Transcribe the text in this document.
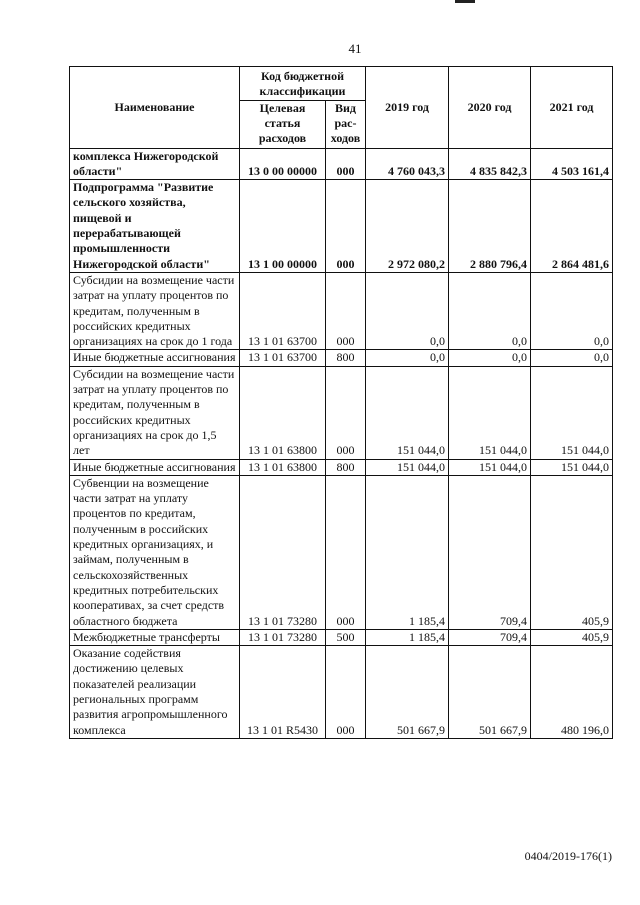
41
Наименование	Код бюджетной классификации		2019 год	2020 год	2021 год
	Целевая статья расходов	Вид рас-ходов			
комплекса Нижегородской области"	13 0 00 00000	000	4 760 043,3	4 835 842,3	4 503 161,4
Подпрограмма "Развитие сельского хозяйства, пищевой и перерабатывающей промышленности Нижегородской области"	13 1 00 00000	000	2 972 080,2	2 880 796,4	2 864 481,6
Субсидии на возмещение части затрат на уплату процентов по кредитам, полученным в российских кредитных организациях на срок до 1 года	13 1 01 63700	000	0,0	0,0	0,0
Иные бюджетные ассигнования	13 1 01 63700	800	0,0	0,0	0,0
Субсидии на возмещение части затрат на уплату процентов по кредитам, полученным в российских кредитных организациях на срок до 1,5 лет	13 1 01 63800	000	151 044,0	151 044,0	151 044,0
Иные бюджетные ассигнования	13 1 01 63800	800	151 044,0	151 044,0	151 044,0
Субвенции на возмещение части затрат на уплату процентов по кредитам, полученным в российских кредитных организациях, и займам, полученным в сельскохозяйственных кредитных потребительских кооперативах, за счет средств областного бюджета	13 1 01 73280	000	1 185,4	709,4	405,9
Межбюджетные трансферты	13 1 01 73280	500	1 185,4	709,4	405,9
Оказание содействия достижению целевых показателей реализации региональных программ развития агропромышленного комплекса	13 1 01 R5430	000	501 667,9	501 667,9	480 196,0
0404/2019-176(1)
